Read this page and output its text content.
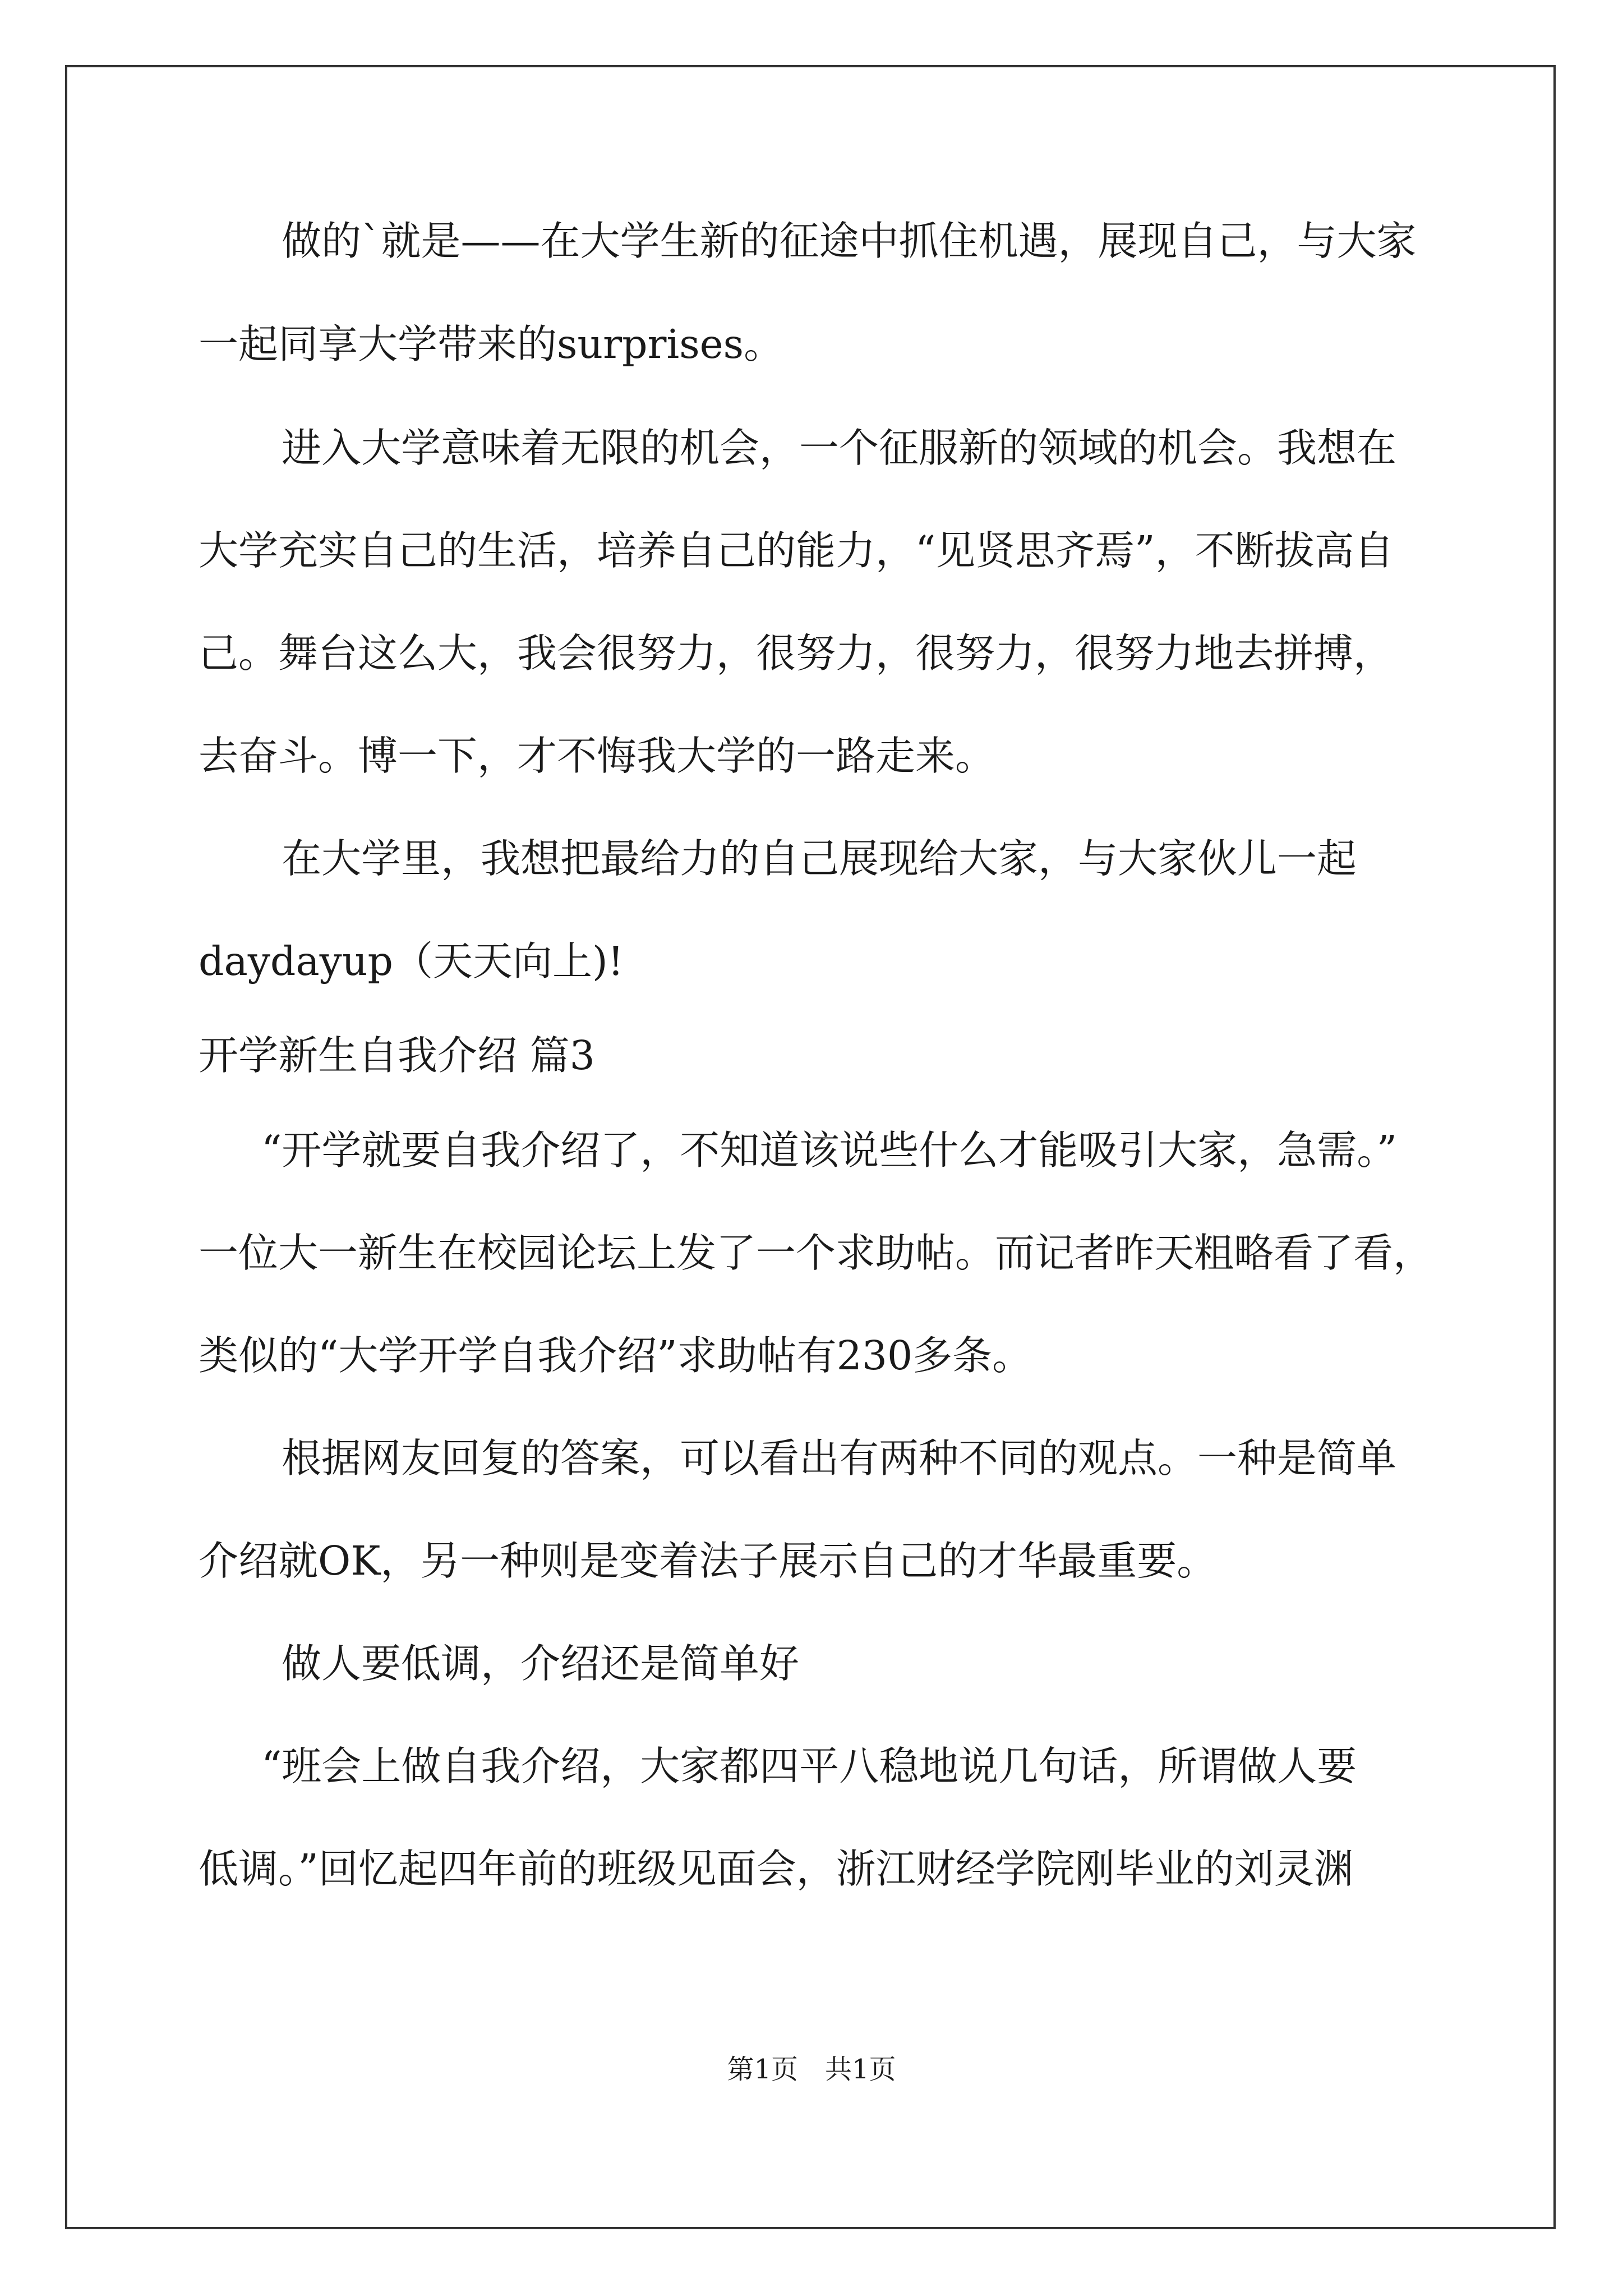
做的`就是——在大学生新的征途中抓住机遇，展现自己，与大家
一起同享大学带来的surprises。
进入大学意味着无限的机会，一个征服新的领域的机会。我想在
大学充实自己的生活，培养自己的能力，“见贤思齐焉”，不断拔高自
己。舞台这么大，我会很努力，很努力，很努力，很努力地去拼搏，
去奋斗。博一下，才不悔我大学的一路走来。
在大学里，我想把最给力的自己展现给大家，与大家伙儿一起
daydayup（天天向上)!
开学新生自我介绍 篇3
“开学就要自我介绍了，不知道该说些什么才能吸引大家，急需。”
一位大一新生在校园论坛上发了一个求助帖。而记者昨天粗略看了看，
类似的“大学开学自我介绍”求助帖有230多条。
根据网友回复的答案，可以看出有两种不同的观点。一种是简单
介绍就OK，另一种则是变着法子展示自己的才华最重要。
做人要低调，介绍还是简单好
“班会上做自我介绍，大家都四平八稳地说几句话，所谓做人要
低调。”回忆起四年前的班级见面会，浙江财经学院刚毕业的刘灵渊
第1页　共1页
